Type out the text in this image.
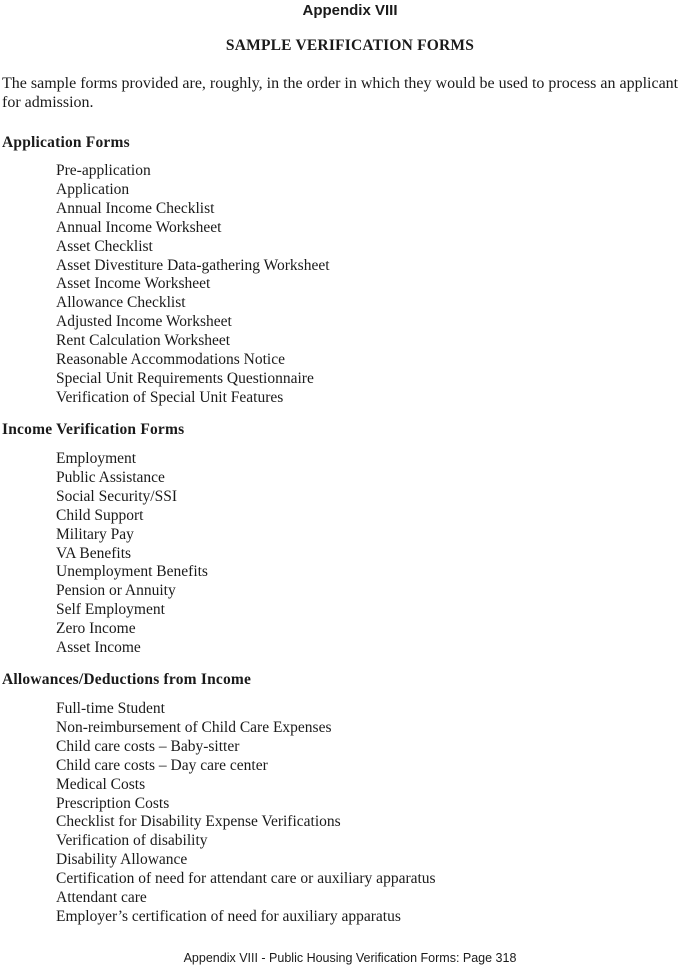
Appendix VIII
SAMPLE VERIFICATION FORMS

The sample forms provided are, roughly, in the order in which they would be used to process an applicant for admission.

Application Forms
Pre-application
Application
Annual Income Checklist
Annual Income Worksheet
Asset Checklist
Asset Divestiture Data-gathering Worksheet
Asset Income Worksheet
Allowance Checklist
Adjusted Income Worksheet
Rent Calculation Worksheet
Reasonable Accommodations Notice
Special Unit Requirements Questionnaire
Verification of Special Unit Features
Income Verification Forms
Employment
Public Assistance
Social Security/SSI
Child Support
Military Pay
VA Benefits
Unemployment Benefits
Pension or Annuity
Self Employment
Zero Income
Asset Income
Allowances/Deductions from Income
Full-time Student
Non-reimbursement of Child Care Expenses
Child care costs – Baby-sitter
Child care costs – Day care center
Medical Costs
Prescription Costs
Checklist for Disability Expense Verifications
Verification of disability
Disability Allowance
Certification of need for attendant care or auxiliary apparatus
Attendant care
Employer’s certification of need for auxiliary apparatus
Appendix VIII - Public Housing Verification Forms: Page 318
